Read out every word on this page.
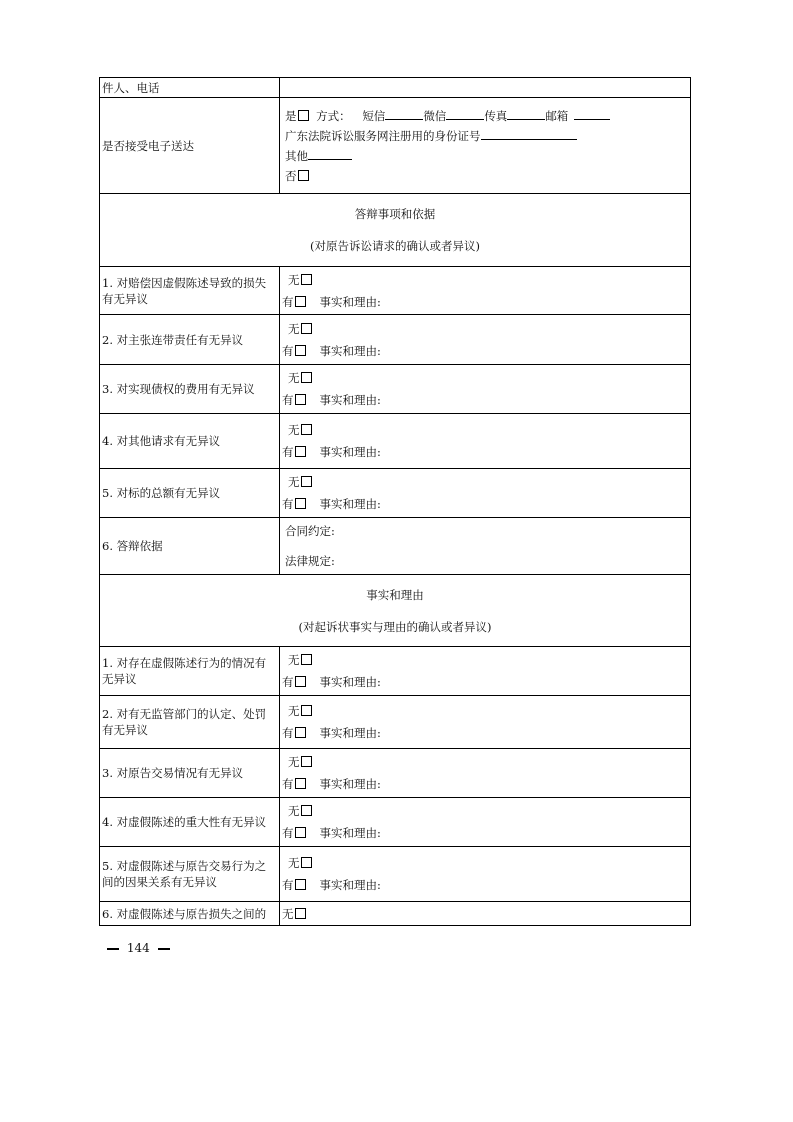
件人、电话	
是否接受电子送达	是 方式： 短信 微信 传真 邮箱
广东法院诉讼服务网注册用的身份证号
其他
否

答辩事项和依据
(对原告诉讼请求的确认或者异议)	
1. 对赔偿因虚假陈述导致的损失有无异议	无
有 事实和理由:

2. 对主张连带责任有无异议	无
有 事实和理由:

3. 对实现债权的费用有无异议	无
有 事实和理由:

4. 对其他请求有无异议	无
有 事实和理由:

5. 对标的总额有无异议	无
有 事实和理由:

6. 答辩依据	合同约定:
法律规定:

事实和理由
(对起诉状事实与理由的确认或者异议)	
1. 对存在虚假陈述行为的情况有无异议	无
有 事实和理由:

2. 对有无监管部门的认定、处罚有无异议	无
有 事实和理由:

3. 对原告交易情况有无异议	无
有 事实和理由:

4. 对虚假陈述的重大性有无异议	无
有 事实和理由:

5. 对虚假陈述与原告交易行为之间的因果关系有无异议	无
有 事实和理由:

6. 对虚假陈述与原告损失之间的	无
144
